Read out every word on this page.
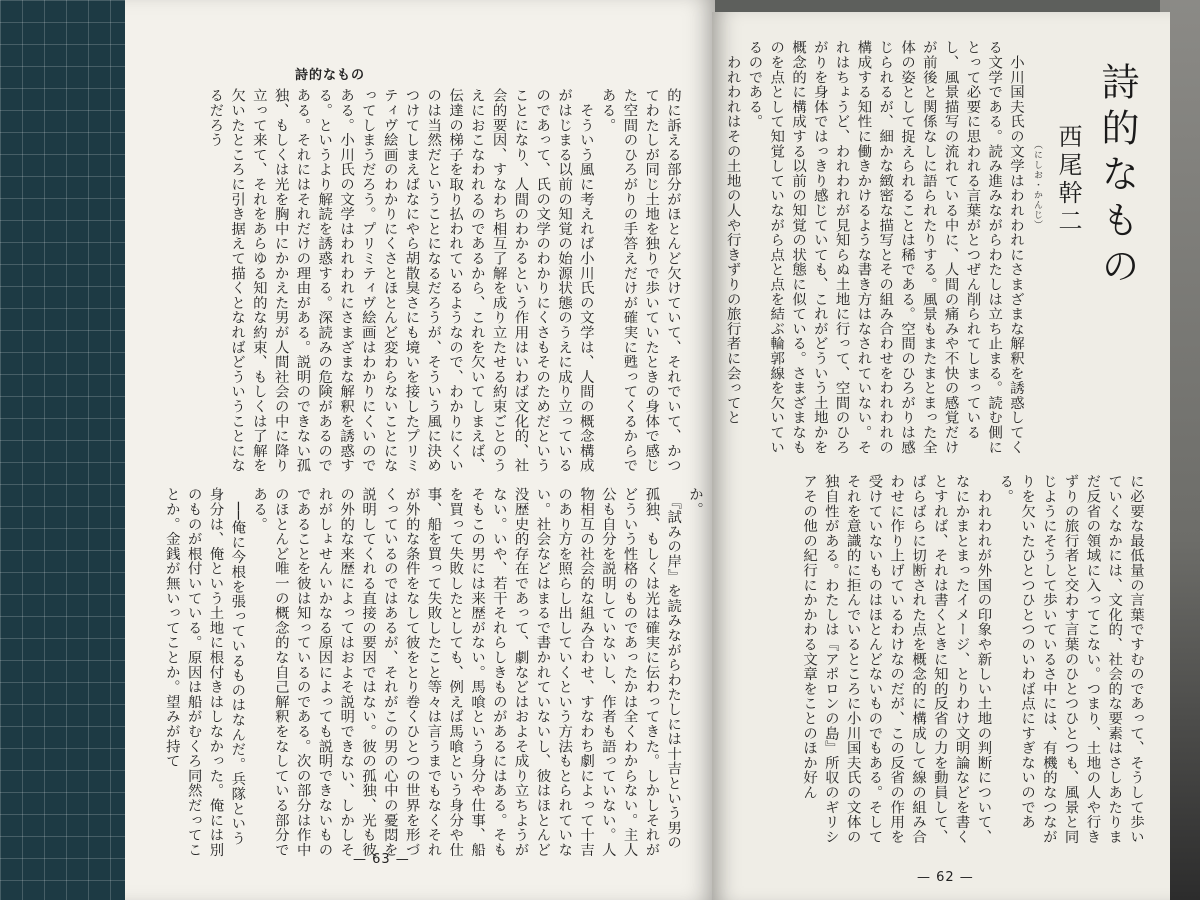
詩的なもの
的に訴える部分がほとんど欠けていて、それでいて、かつてわたしが同じ土地を独りで歩いていたときの身体で感じた空間のひろがりの手答えだけが確実に甦ってくるからである。
　そういう風に考えれば小川氏の文学は、人間の概念構成がはじまる以前の知覚の始源状態のうえに成り立っているのであって、氏の文学のわかりにくさもそのためだということになり、人間のわかるという作用はいわば文化的、社会的要因、すなわち相互了解を成り立たせる約束ごとのうえにおこなわれるのであるから、これを欠いてしまえば、伝達の梯子を取り払われているようなので、わかりにくいのは当然だということになるだろうが、そういう風に決めつけてしまえばなにやら胡散臭さにも境いを接したプリミティヴ絵画のわかりにくさとほとんど変わらないことになってしまうだろう。プリミティヴ絵画はわかりにくいのである。小川氏の文学はわれわれにさまざまな解釈を誘惑する。というより解読を誘惑する。深読みの危険があるのである。それにはそれだけの理由がある。説明のできない孤独、もしくは光を胸中にかかえた男が人間社会の中に降り立って来て、それをあらゆる知的な約束、もしくは了解を欠いたところに引き据えて描くとなればどういうことになるだろう
か。
　『試みの岸』を読みながらわたしには十吉という男の孤独、もしくは光は確実に伝わってきた。しかしそれがどういう性格のものであったかは全くわからない。主人公も自分を説明していないし、作者も語っていない。人物相互の社会的な組み合わせ、すなわち劇によって十吉のあり方を照らし出していくという方法もとられていない。社会などはまるで書かれていないし、彼はほとんど没歴史的存在であって、劇などはおよそ成り立ちようがない。いや、若干それらしきものがあるにはある。そもそもこの男には来歴がない。馬喰という身分や仕事、船を買って失敗したとしても、例えば馬喰という身分や仕事、船を買って失敗したこと等々は言うまでもなくそれが外的な条件をなして彼をとり巻くひとつの世界を形づくっているのではあるが、それがこの男の心中の憂悶を説明してくれる直接の要因ではない。彼の孤独、光も彼の外的な来歴によってはおよそ説明できない、しかしそれがしょせんいかなる原因によっても説明できないものであることを彼は知っているのである。次の部分は作中のほとんど唯一の概念的な自己解釈をなしている部分である。
　──俺に今根を張っているものはなんだ。兵隊という身分は、俺という土地に根付きはしなかった。俺には別のものが根付いている。原因は船がむくろ同然だってことか。金銭が無いってことか。望みが持て
— 63 —
詩的なもの
西尾幹二
（にしお・かんじ）
　小川国夫氏の文学はわれわれにさまざまな解釈を誘惑してくる文学である。読み進みながらわたしは立ち止まる。読む側にとって必要に思われる言葉がとつぜん削られてしまっているし、風景描写の流れている中に、人間の痛みや不快の感覚だけが前後と関係なしに語られたりする。風景もまたまとまった全体の姿として捉えられることは稀である。空間のひろがりは感じられるが、細かな緻密な描写とその組み合わせをわれわれの構成する知性に働きかけるような書き方はなされていない。それはちょうど、われわれが見知らぬ土地に行って、空間のひろがりを身体ではっきり感じていても、これがどういう土地かを概念的に構成する以前の知覚の状態に似ている。さまざまなものを点として知覚していながら点と点を結ぶ輪郭線を欠いているのである。
　われわれはその土地の人や行きずりの旅行者に会ってと
に必要な最低量の言葉ですむのであって、そうして歩いていくなかには、文化的、社会的な要素はさしあたりまだ反省の領域に入ってこない。つまり、土地の人や行きずりの旅行者と交わす言葉のひとつひとつも、風景と同じようにそうして歩いているさ中には、有機的なつながりを欠いたひとつひとつのいわば点にすぎないのである。
　われわれが外国の印象や新しい土地の判断について、なにかまとまったイメージ、とりわけ文明論などを書くとすれば、それは書くときに知的反省の力を動員して、ばらばらに切断された点を概念的に構成して線の組み合わせに作り上げているわけなのだが、この反省の作用を受けていないものはほとんどないものでもある。そしてそれを意識的に拒んでいるところに小川国夫氏の文体の独自性がある。わたしは『アポロンの島』所収のギリシアその他の紀行にかかわる文章をことのほか好ん
— 62 —
